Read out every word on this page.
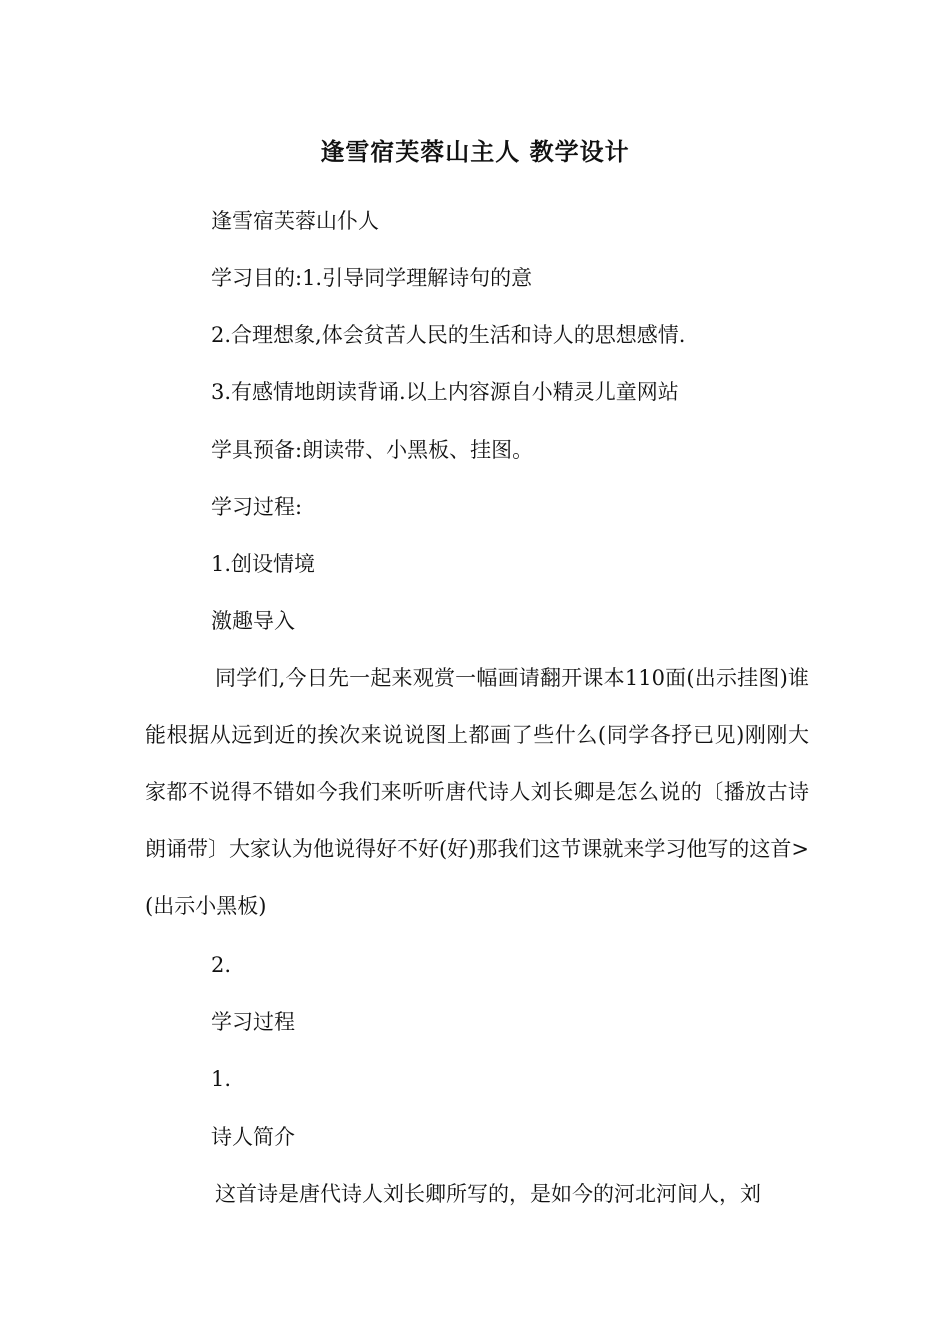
逢雪宿芙蓉山主人 教学设计
逢雪宿芙蓉山仆人
学习目的:1.引导同学理解诗句的意
2.合理想象,体会贫苦人民的生活和诗人的思想感情.
3.有感情地朗读背诵.以上内容源自小精灵儿童网站
学具预备:朗读带、小黑板、挂图。
学习过程:
1.创设情境
激趣导入
同学们,今日先一起来观赏一幅画请翻开课本110面(出示挂图)谁能根据从远到近的挨次来说说图上都画了些什么(同学各抒已见)刚刚大家都不说得不错如今我们来听听唐代诗人刘长卿是怎么说的〔播放古诗朗诵带〕大家认为他说得好不好(好)那我们这节课就来学习他写的这首>(出示小黑板)
2.
学习过程
1.
诗人简介
这首诗是唐代诗人刘长卿所写的，是如今的河北河间人，刘
